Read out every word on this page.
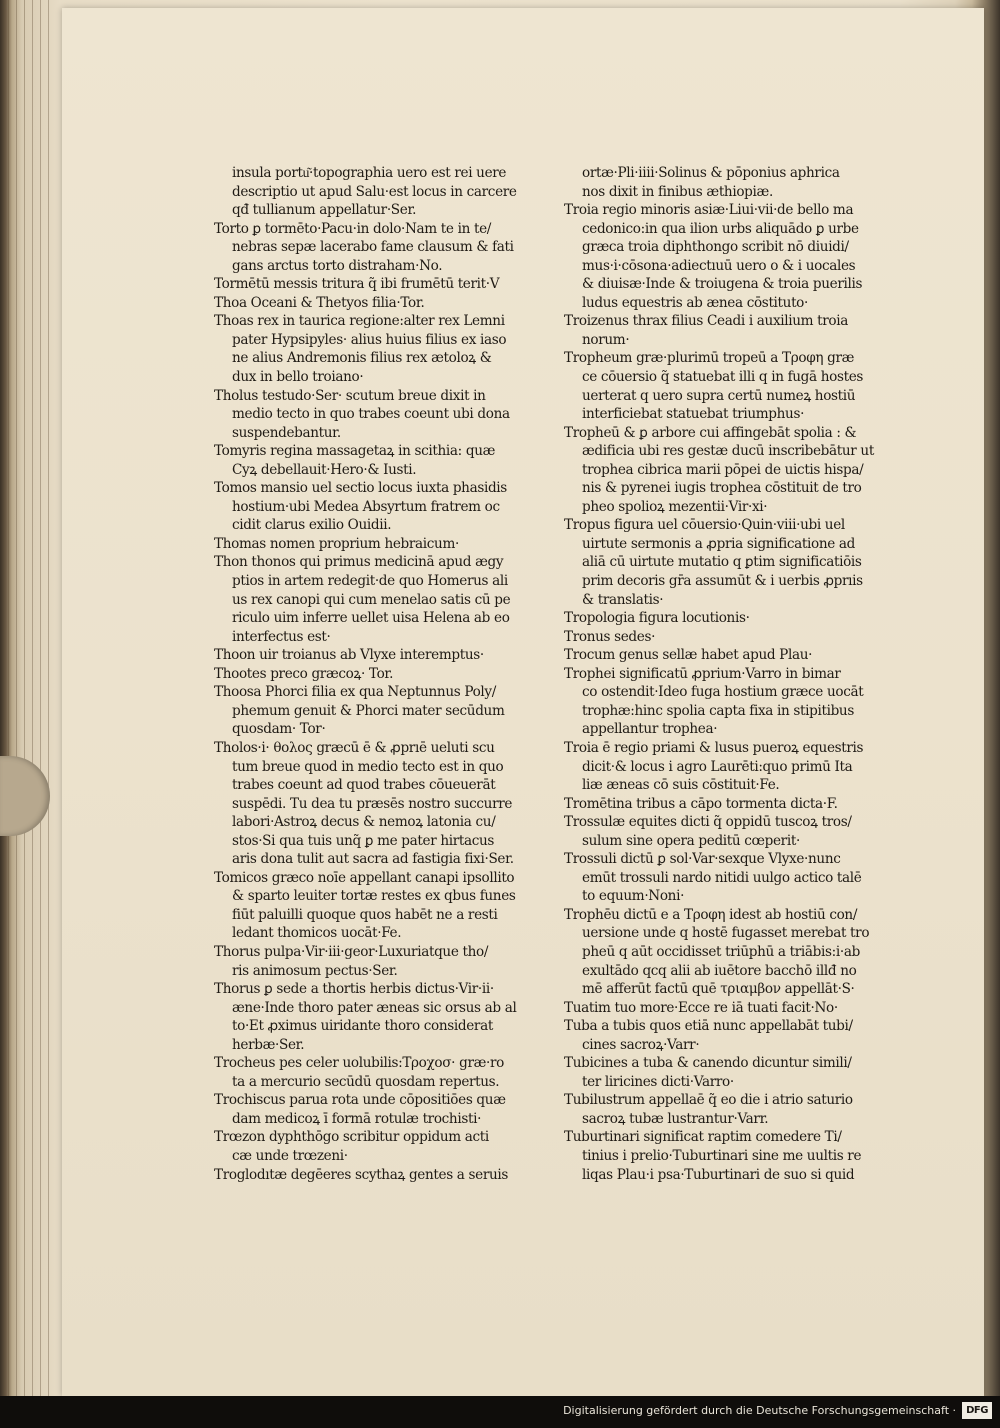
insula portu͂·topographia uero est rei uere
descriptio ut apud Salu·est locus in carcere
qđ tullianum appellatur·Ser.
Torto ꝑ tormēto·Pacu·in dolo·Nam te in te/
nebras sepæ lacerabo fame clausum & fati
gans arctus torto distraham·No.
Tormētū messis tritura q̃ ibi frumētū terit·V
Thoa Oceani & Thetyos filia·Tor.
Thoas rex in taurica regione:alter rex Lemni
pater Hypsipyles· alius huius filius ex iaso
ne alius Andremonis filius rex ætoloꝝ &
dux in bello troiano·
Tholus testudo·Ser· scutum breue dixit in
medio tecto in quo trabes coeunt ubi dona
suspendebantur.
Tomyris regina massagetaꝝ in scithia: quæ
Cyꝝ debellauit·Hero·& Iusti.
Tomos mansio uel sectio locus iuxta phasidis
hostium·ubi Medea Absyrtum fratrem oc
cidit clarus exilio Ouidii.
Thomas nomen proprium hebraicum·
Thon thonos qui primus medicinā apud ægy
ptios in artem redegit·de quo Homerus ali
us rex canopi qui cum menelao satis cū pe
riculo uim inferre uellet uisa Helena ab eo
interfectus est·
Thoon uir troianus ab Vlyxe interemptus·
Thootes preco græcoꝝ· Tor.
Thoosa Phorci filia ex qua Neptunnus Poly/
phemum genuit & Phorci mater secūdum
quosdam· Tor·
Tholos·i· θολος græcū ē & ꝓprıē ueluti scu
tum breue quod in medio tecto est in quo
trabes coeunt ad quod trabes cōueuerāt
suspēdi. Tu dea tu præsēs nostro succurre
labori·Astroꝝ decus & nemoꝝ latonia cu/
stos·Si qua tuis unq̃ ꝑ me pater hirtacus
aris dona tulit aut sacra ad fastigia fixi·Ser.
Tomicos græco noīe appellant canapi ipsollito
& sparto leuiter tortæ restes ex qbus funes
fiūt paluilli quoque quos habēt ne a resti
ledant thomicos uocāt·Fe.
Thorus pulpa·Vir·iii·geor·Luxuriatque tho/
ris animosum pectus·Ser.
Thorus ꝑ sede a thortis herbis dictus·Vir·ii·
æne·Inde thoro pater æneas sic orsus ab al
to·Et ꝓximus uiridante thoro considerat
herbæ·Ser.
Trocheus pes celer uolubilis:Τροχοσ· græ·ro
ta a mercurio secūdū quosdam repertus.
Trochiscus parua rota unde cōpositiōes quæ
dam medicoꝝ ī formā rotulæ trochisti·
Trœzon dyphthōgo scribitur oppidum acti
cæ unde trœzeni·
Troglodıtæ degēeres scythaꝝ gentes a seruis
ortæ·Pli·iiii·Solinus & pōponius aphrica
nos dixit in finibus æthiopiæ.
Troia regio minoris asiæ·Liui·vii·de bello ma
cedonico:in qua ilion urbs aliquādo ꝑ urbe
græca troia diphthongo scribit nō diuidi/
mus·i·cōsona·adiectıuū uero o & i uocales
& diuisæ·Inde & troiugena & troia puerilis
ludus equestris ab ænea cōstituto·
Troizenus thrax filius Ceadi i auxilium troia
norum·
Tropheum græ·plurimū tropeū a Τροφη græ
ce cōuersio q̃ statuebat illi q in fugā hostes
uerterat q uero supra certū numeꝝ hostiū
interficiebat statuebat triumphus·
Tropheū & ꝑ arbore cui affingebāt spolia : &
ædificia ubi res gestæ ducū inscribebātur ut
trophea cibrica marii pōpei de uictis hispa/
nis & pyrenei iugis trophea cōstituit de tro
pheo spolioꝝ mezentii·Vir·xi·
Tropus figura uel cōuersio·Quin·viii·ubi uel
uirtute sermonis a ꝓpria significatione ad
aliā cū uirtute mutatio q ꝑtim significatiōis
prim decoris gr̄a assumūt & i uerbis ꝓprıis
& translatis·
Tropologia figura locutionis·
Tronus sedes·
Trocum genus sellæ habet apud Plau·
Trophei significatū ꝓprium·Varro in bimar
co ostendit·Ideo fuga hostium græce uocāt
trophæ:hinc spolia capta fixa in stipitibus
appellantur trophea·
Troia ē regio priami & lusus pueroꝝ equestris
dicit·& locus i agro Laurēti:quo primū Ita
liæ æneas cō suis cōstituit·Fe.
Tromētina tribus a cāpo tormenta dicta·F.
Trossulæ equites dicti q̃ oppidū tuscoꝝ tros/
sulum sine opera peditū cœperit·
Trossuli dictū ꝑ sol·Var·sexque Vlyxe·nunc
emūt trossuli nardo nitidi uulgo actico talē
to equum·Noni·
Trophēu dictū e a Τροφη idest ab hostiū con/
uersione unde q hostē fugasset merebat tro
pheū q aūt occidisset triūphū a triābis:i·ab
exultādo qcq alii ab iuētore bacchō illđ no
mē afferūt factū quē τριαμβον appellāt·S·
Tuatim tuo more·Ecce re iā tuati facit·No·
Tuba a tubis quos etiā nunc appellabāt tubi/
cines sacroꝝ·Varr·
Tubicines a tuba & canendo dicuntur simili/
ter liricines dicti·Varro·
Tubilustrum appellaē q̃ eo die i atrio saturio
sacroꝝ tubæ lustrantur·Varr.
Tuburtinari significat raptim comedere Ti/
tinius i prelio·Tuburtinari sine me uultis re
liqas Plau·i psa·Tuburtinari de suo si quid
Digitalisierung gefördert durch die Deutsche Forschungsgemeinschaft ·	DFG
